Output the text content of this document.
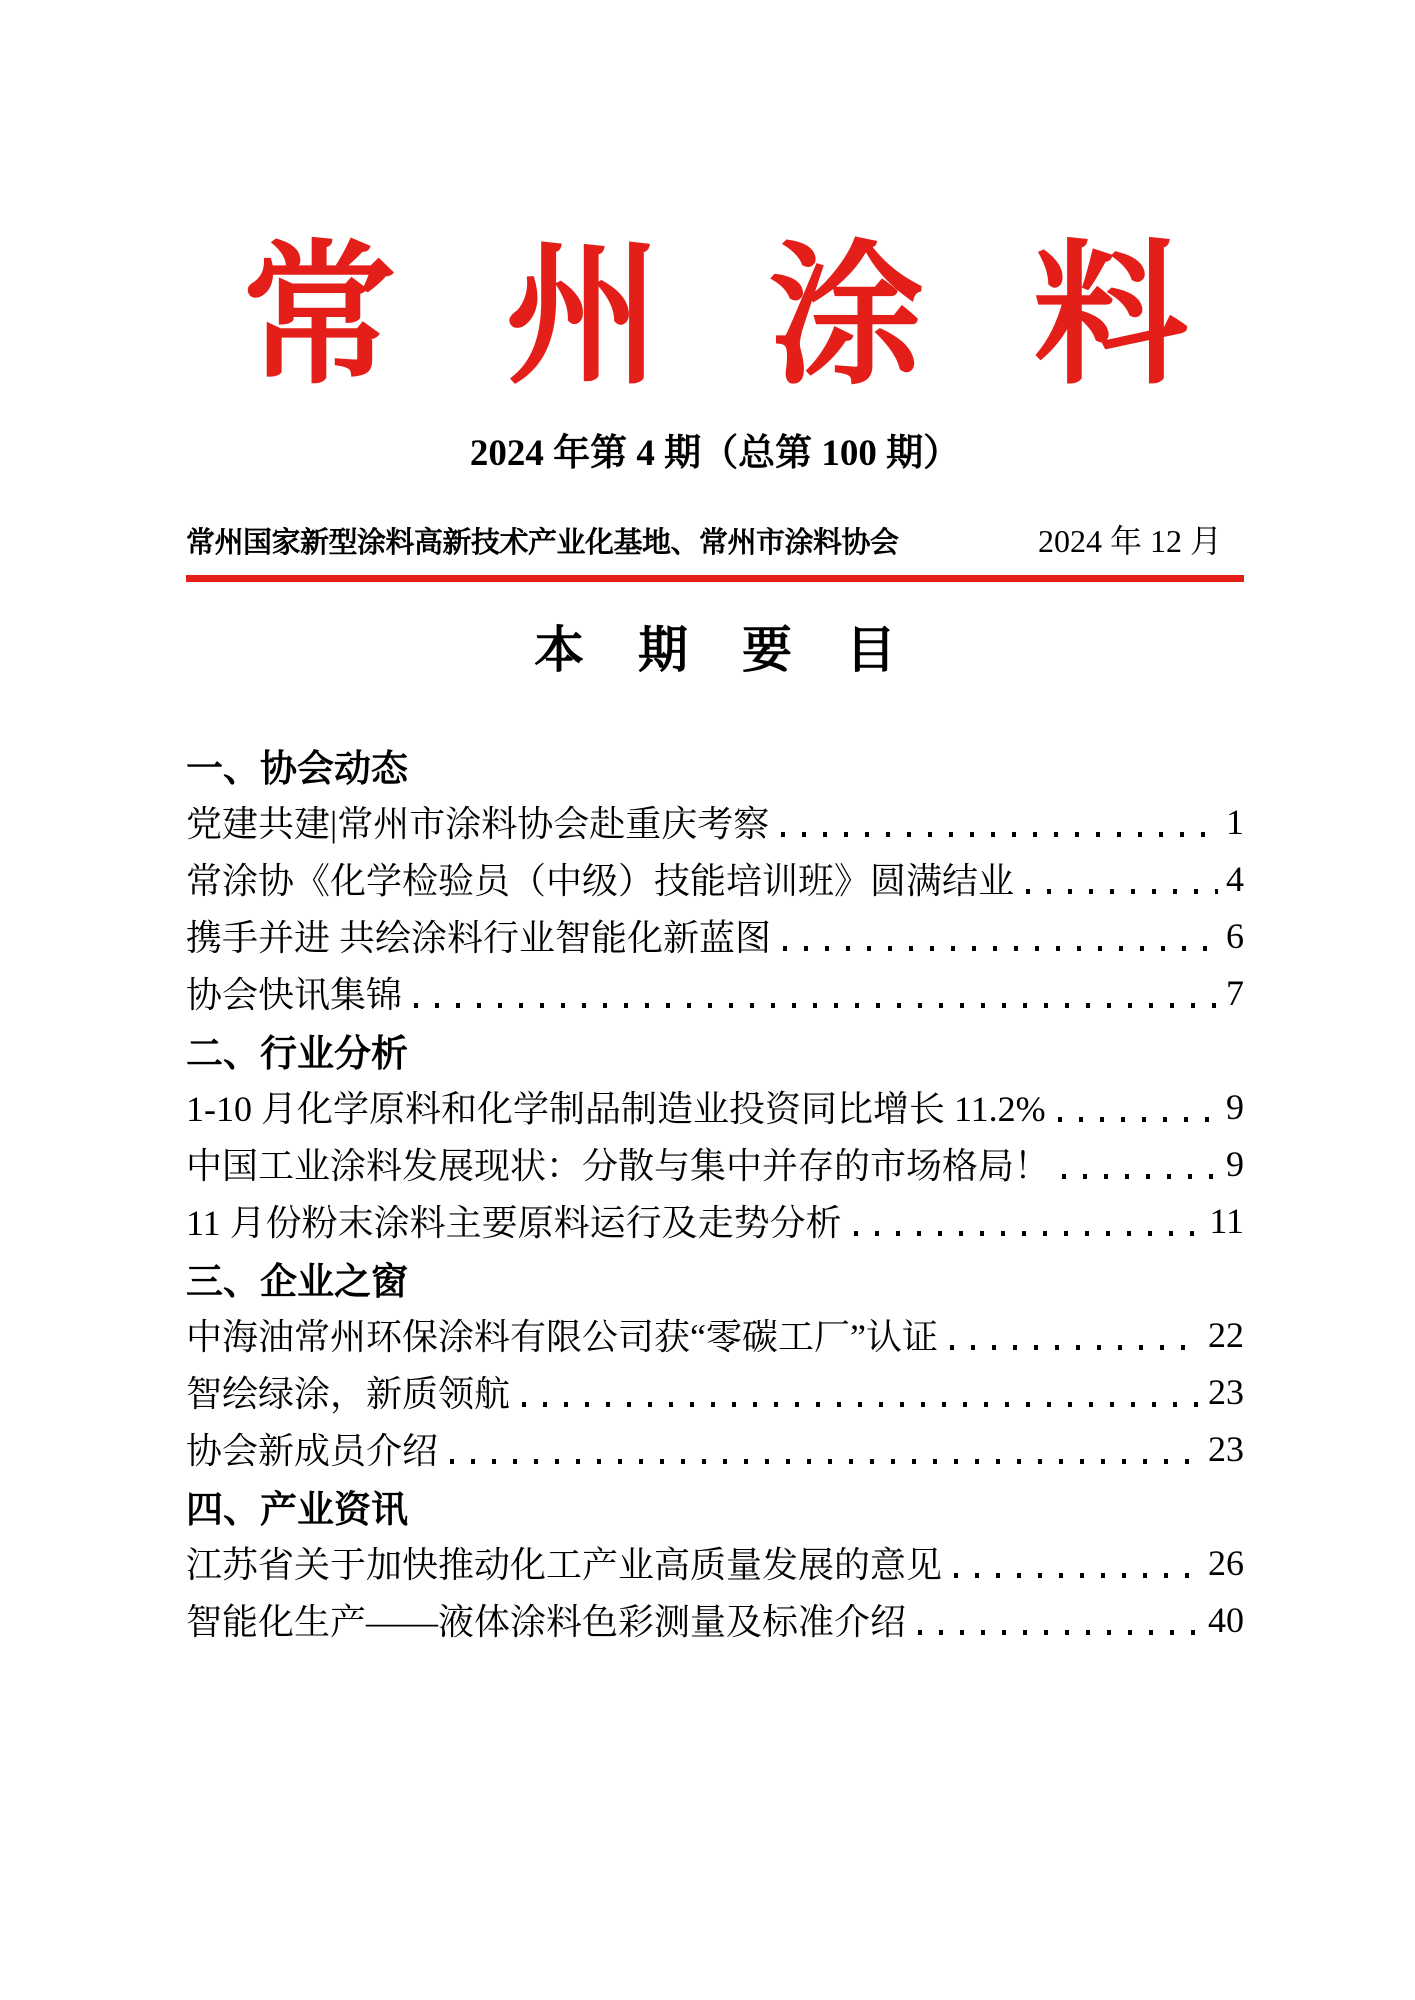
常 州 涂 料
2024 年第 4 期（总第 100 期）
常州国家新型涂料高新技术产业化基地、常州市涂料协会	2024 年 12 月
本 期 要 目
一、协会动态
党建共建|常州市涂料协会赴重庆考察	1
常涂协《化学检验员（中级）技能培训班》圆满结业	4
携手并进 共绘涂料行业智能化新蓝图	6
协会快讯集锦	7
二、行业分析
1-10 月化学原料和化学制品制造业投资同比增长 11.2%	9
中国工业涂料发展现状：分散与集中并存的市场格局！	9
11 月份粉末涂料主要原料运行及走势分析	11
三、企业之窗
中海油常州环保涂料有限公司获“零碳工厂”认证	22
智绘绿涂，新质领航	23
协会新成员介绍	23
四、产业资讯
江苏省关于加快推动化工产业高质量发展的意见	26
智能化生产——液体涂料色彩测量及标准介绍	40
